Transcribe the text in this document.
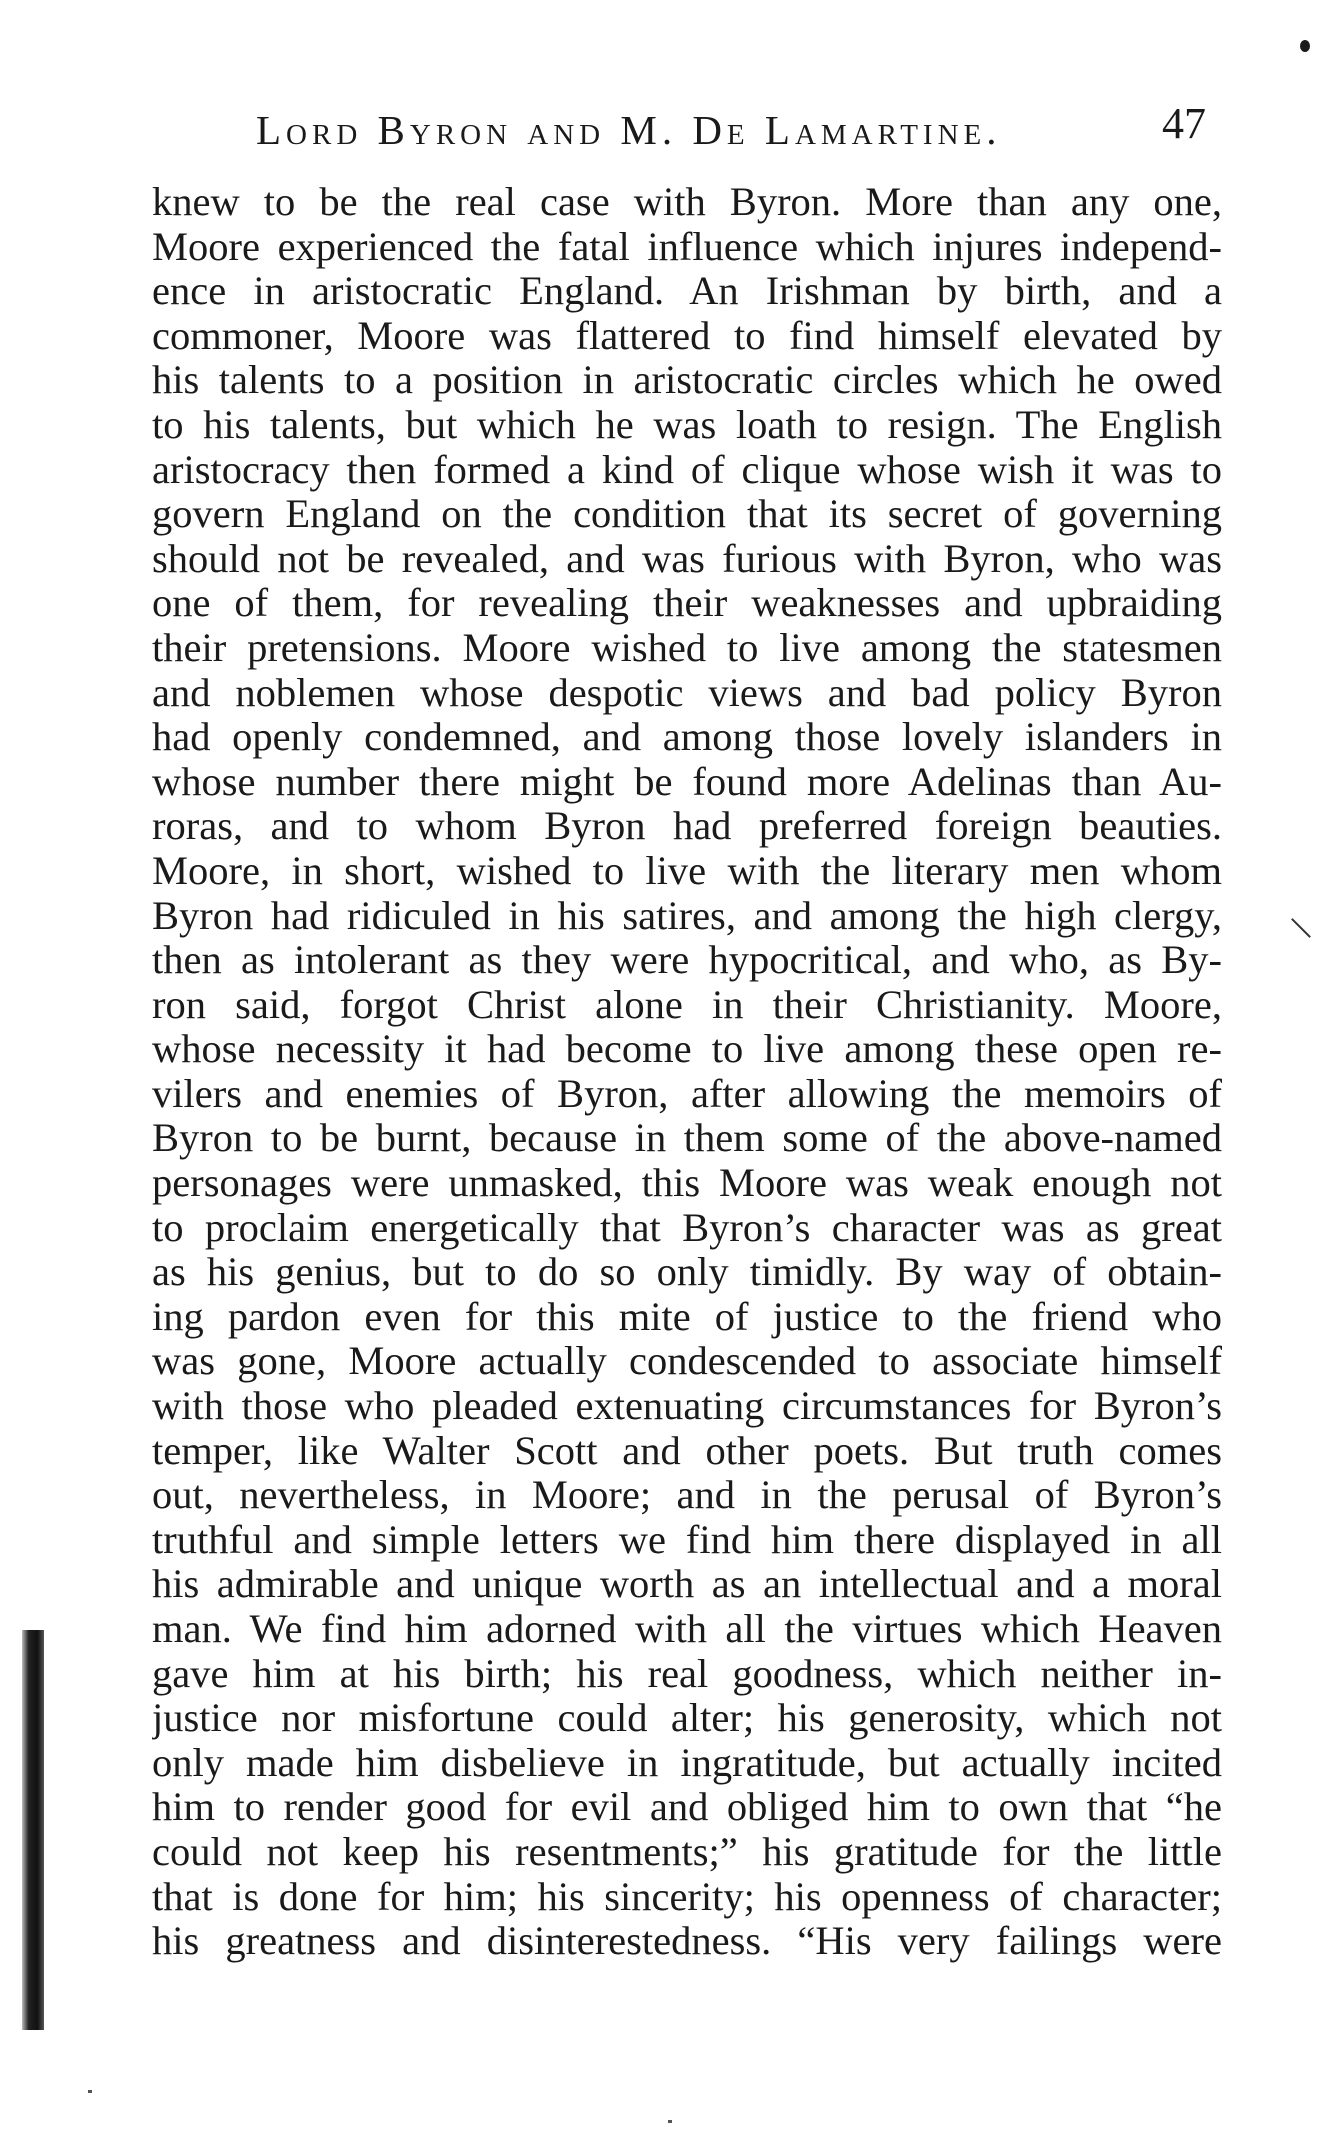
Lord Byron and M. De Lamartine.	47
knew to be the real case with Byron. More than any one,
Moore experienced the fatal influence which injures independ-
ence in aristocratic England. An Irishman by birth, and a
commoner, Moore was flattered to find himself elevated by
his talents to a position in aristocratic circles which he owed
to his talents, but which he was loath to resign. The English
aristocracy then formed a kind of clique whose wish it was to
govern England on the condition that its secret of governing
should not be revealed, and was furious with Byron, who was
one of them, for revealing their weaknesses and upbraiding
their pretensions. Moore wished to live among the statesmen
and noblemen whose despotic views and bad policy Byron
had openly condemned, and among those lovely islanders in
whose number there might be found more Adelinas than Au-
roras, and to whom Byron had preferred foreign beauties.
Moore, in short, wished to live with the literary men whom
Byron had ridiculed in his satires, and among the high clergy,
then as intolerant as they were hypocritical, and who, as By-
ron said, forgot Christ alone in their Christianity. Moore,
whose necessity it had become to live among these open re-
vilers and enemies of Byron, after allowing the memoirs of
Byron to be burnt, because in them some of the above-named
personages were unmasked, this Moore was weak enough not
to proclaim energetically that Byron’s character was as great
as his genius, but to do so only timidly. By way of obtain-
ing pardon even for this mite of justice to the friend who
was gone, Moore actually condescended to associate himself
with those who pleaded extenuating circumstances for Byron’s
temper, like Walter Scott and other poets. But truth comes
out, nevertheless, in Moore; and in the perusal of Byron’s
truthful and simple letters we find him there displayed in all
his admirable and unique worth as an intellectual and a moral
man. We find him adorned with all the virtues which Heaven
gave him at his birth; his real goodness, which neither in-
justice nor misfortune could alter; his generosity, which not
only made him disbelieve in ingratitude, but actually incited
him to render good for evil and obliged him to own that “he
could not keep his resentments;” his gratitude for the little
that is done for him; his sincerity; his openness of character;
his greatness and disinterestedness. “His very failings were
